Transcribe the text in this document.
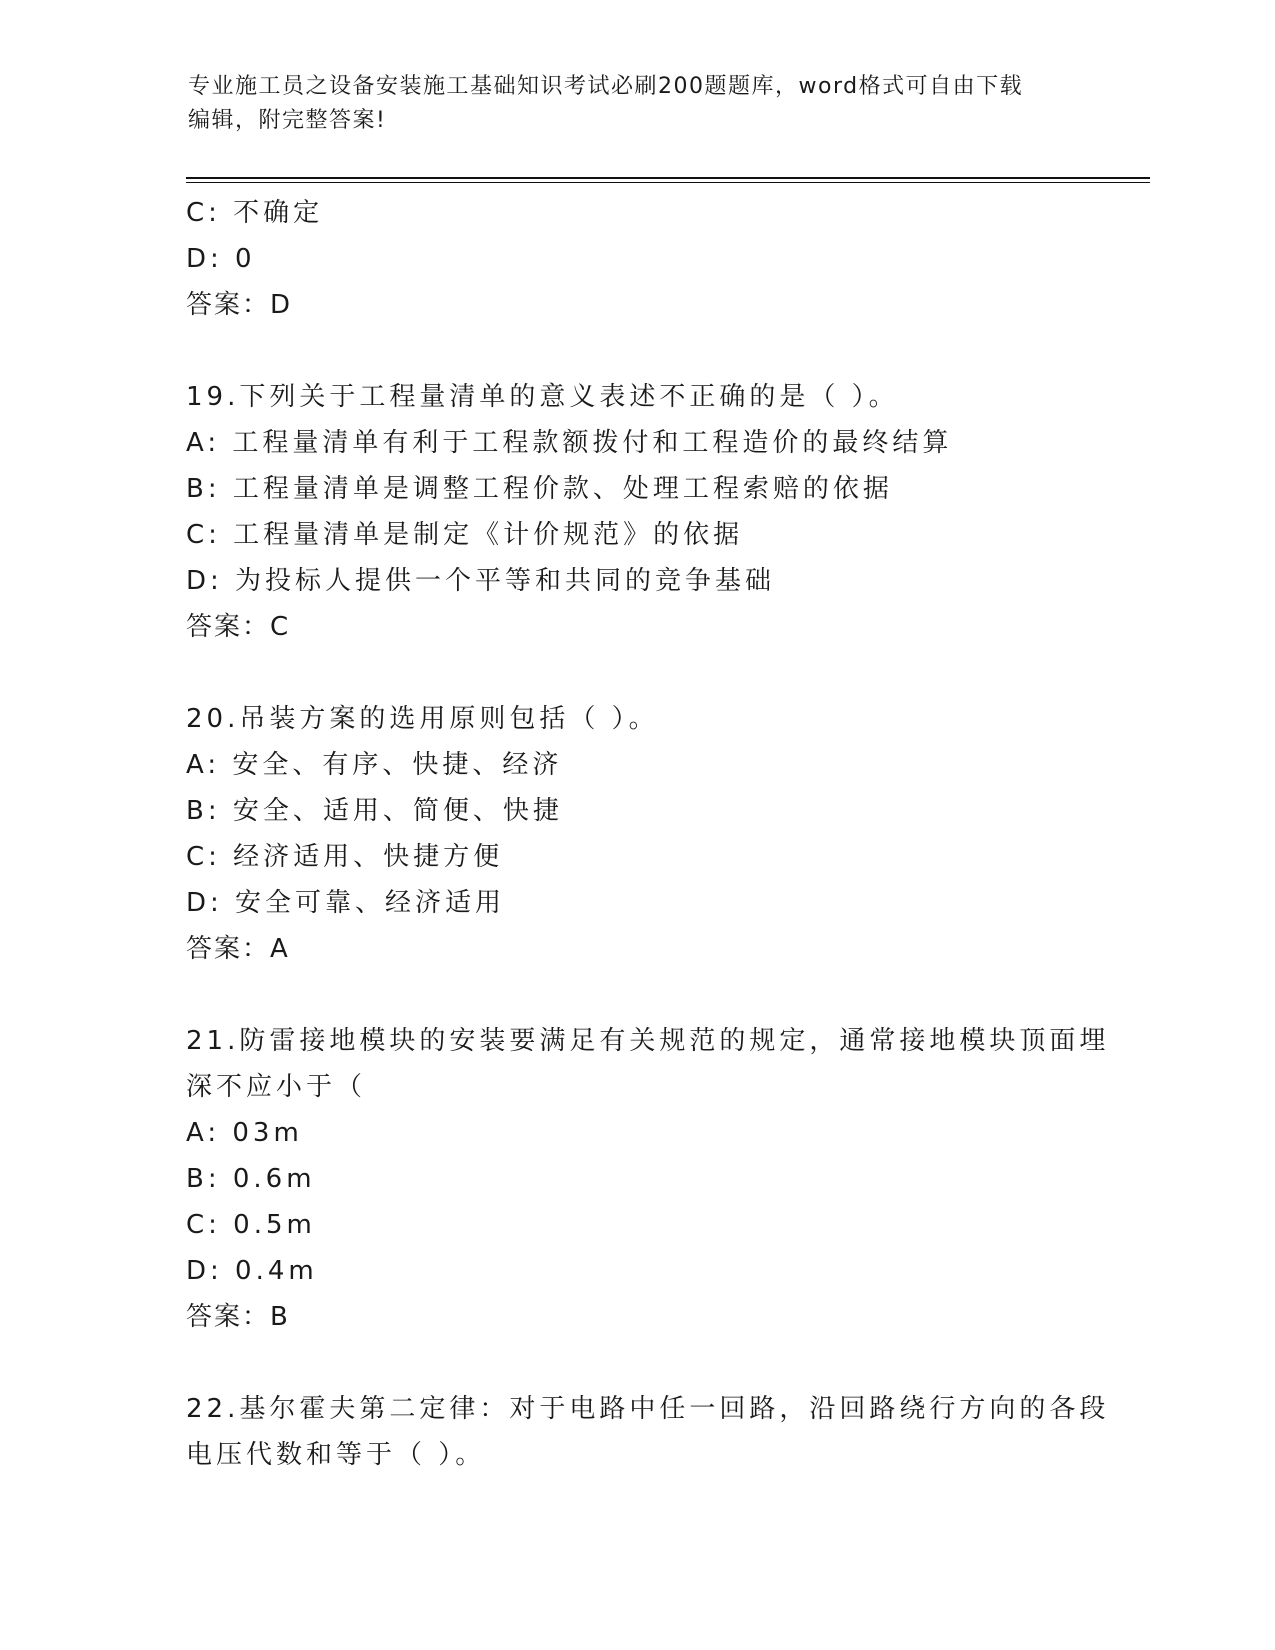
专业施工员之设备安装施工基础知识考试必刷200题题库，word格式可自由下载
编辑，附完整答案!
C: 不确定
D: 0
答案：D
19.下列关于工程量清单的意义表述不正确的是（ ）。
A: 工程量清单有利于工程款额拨付和工程造价的最终结算
B: 工程量清单是调整工程价款、处理工程索赔的依据
C: 工程量清单是制定《计价规范》的依据
D: 为投标人提供一个平等和共同的竞争基础
答案：C
20.吊装方案的选用原则包括（ ）。
A: 安全、有序、快捷、经济
B: 安全、适用、简便、快捷
C: 经济适用、快捷方便
D: 安全可靠、经济适用
答案：A
21.防雷接地模块的安装要满足有关规范的规定，通常接地模块顶面埋
深不应小于（
A: 03m
B: 0.6m
C: 0.5m
D: 0.4m
答案：B
22.基尔霍夫第二定律：对于电路中任一回路，沿回路绕行方向的各段
电压代数和等于（ ）。
